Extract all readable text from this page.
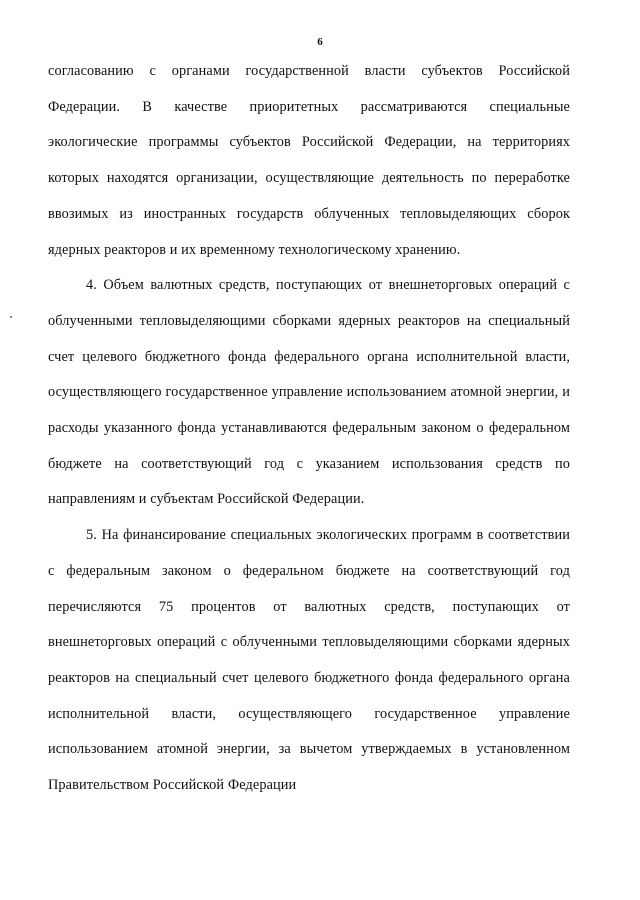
6

согласованию с органами государственной власти субъектов Российской Федерации. В качестве приоритетных рассматриваются специальные экологические программы субъектов Российской Федерации, на территориях которых находятся организации, осуществляющие деятельность по переработке ввозимых из иностранных государств облученных тепловыделяющих сборок ядерных реакторов и их временному технологическому хранению.

4. Объем валютных средств, поступающих от внешнеторговых операций с облученными тепловыделяющими сборками ядерных реакторов на специальный счет целевого бюджетного фонда федерального органа исполнительной власти, осуществляющего государственное управление использованием атомной энергии, и расходы указанного фонда устанавливаются федеральным законом о федеральном бюджете на соответствующий год с указанием использования средств по направлениям и субъектам Российской Федерации.

5. На финансирование специальных экологических программ в соответствии с федеральным законом о федеральном бюджете на соответствующий год перечисляются 75 процентов от валютных средств, поступающих от внешнеторговых операций с облученными тепловыделяющими сборками ядерных реакторов на специальный счет целевого бюджетного фонда федерального органа исполнительной власти, осуществляющего государственное управление использованием атомной энергии, за вычетом утверждаемых в установленном Правительством Российской Федерации
